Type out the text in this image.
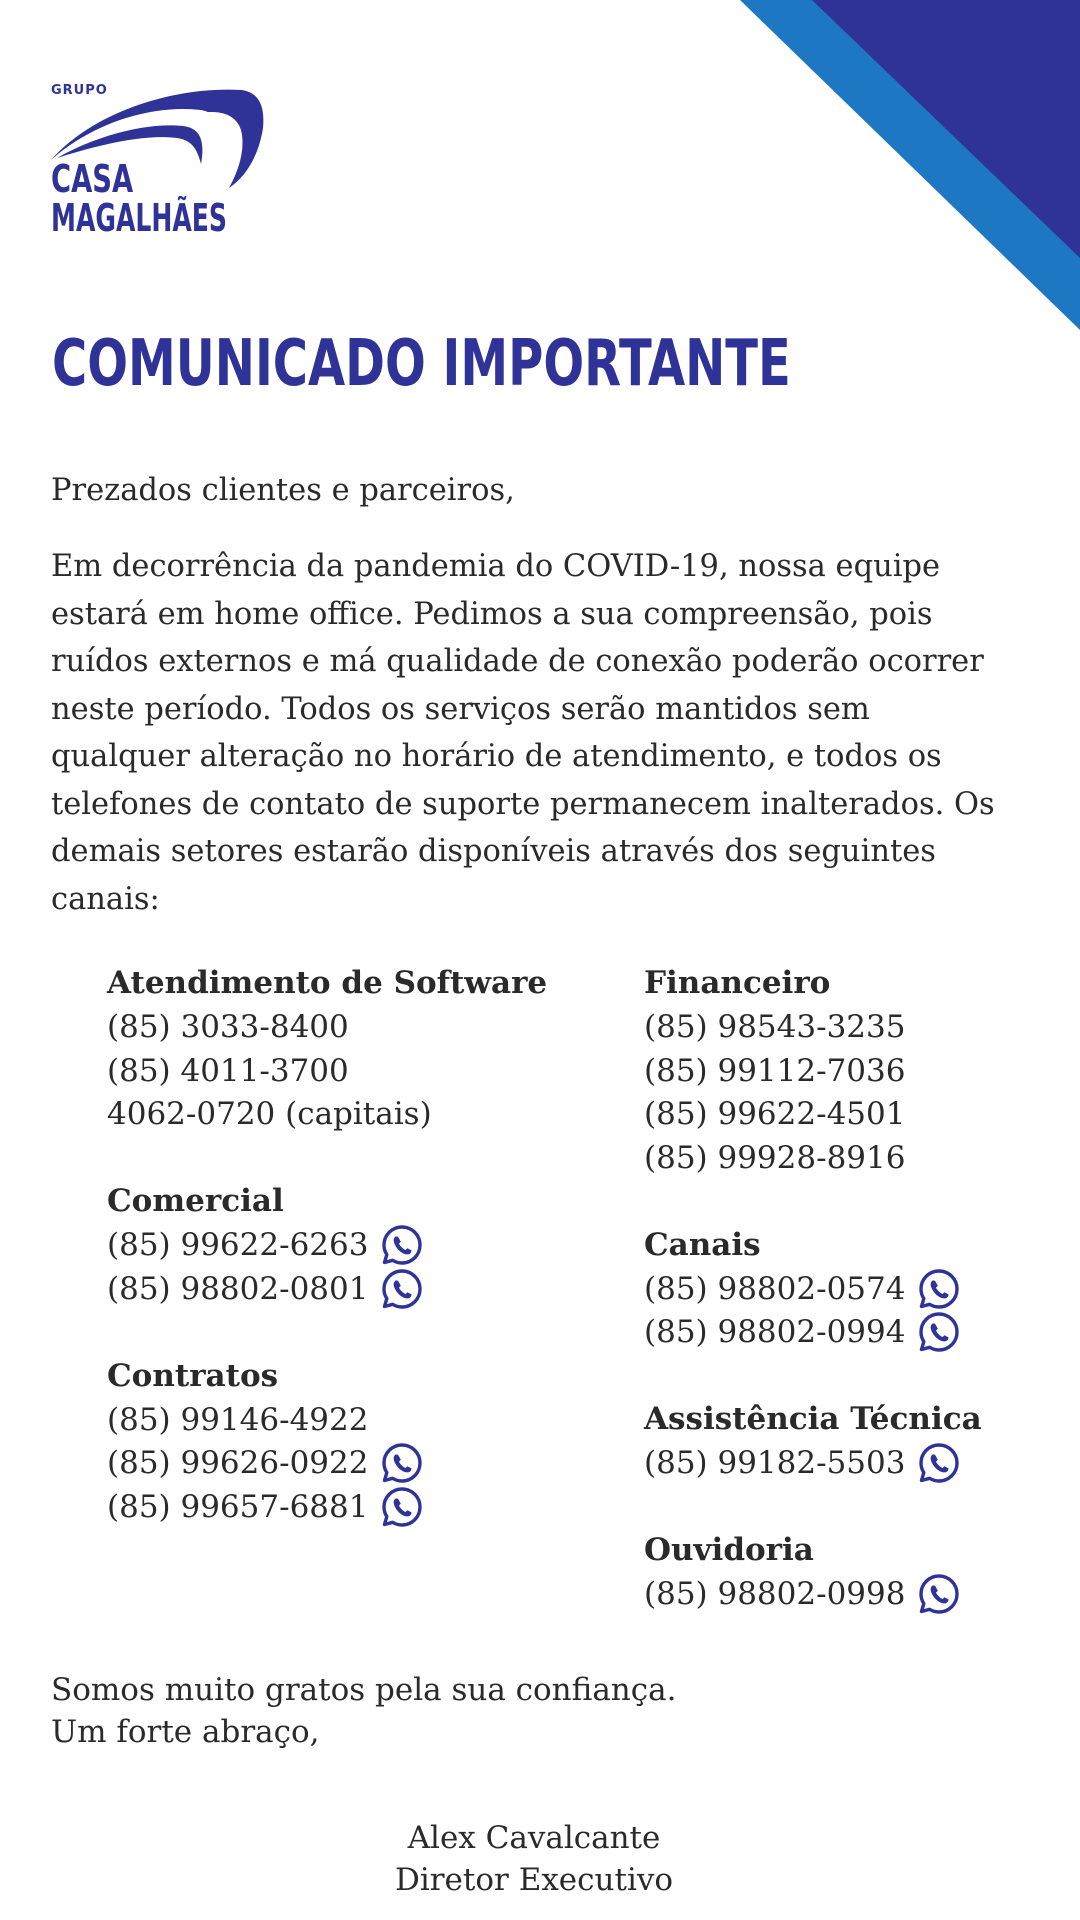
GRUPO
CASA
MAGALHÃES
COMUNICADO IMPORTANTE

Prezados clientes e parceiros,

Em decorrência da pandemia do COVID-19, nossa equipe estará em home office. Pedimos a sua compreensão, pois ruídos externos e má qualidade de conexão poderão ocorrer neste período. Todos os serviços serão mantidos sem qualquer alteração no horário de atendimento, e todos os telefones de contato de suporte permanecem inalterados. Os demais setores estarão disponíveis através dos seguintes canais:

Atendimento de Software
(85) 3033-8400
(85) 4011-3700
4062-0720 (capitais)
Comercial
(85) 99622-6263
(85) 98802-0801
Contratos
(85) 99146-4922
(85) 99626-0922
(85) 99657-6881
Financeiro
(85) 98543-3235
(85) 99112-7036
(85) 99622-4501
(85) 99928-8916
Canais
(85) 98802-0574
(85) 98802-0994
Assistência Técnica
(85) 99182-5503
Ouvidoria
(85) 98802-0998

Somos muito gratos pela sua confiança.
Um forte abraço,

Alex Cavalcante
Diretor Executivo
